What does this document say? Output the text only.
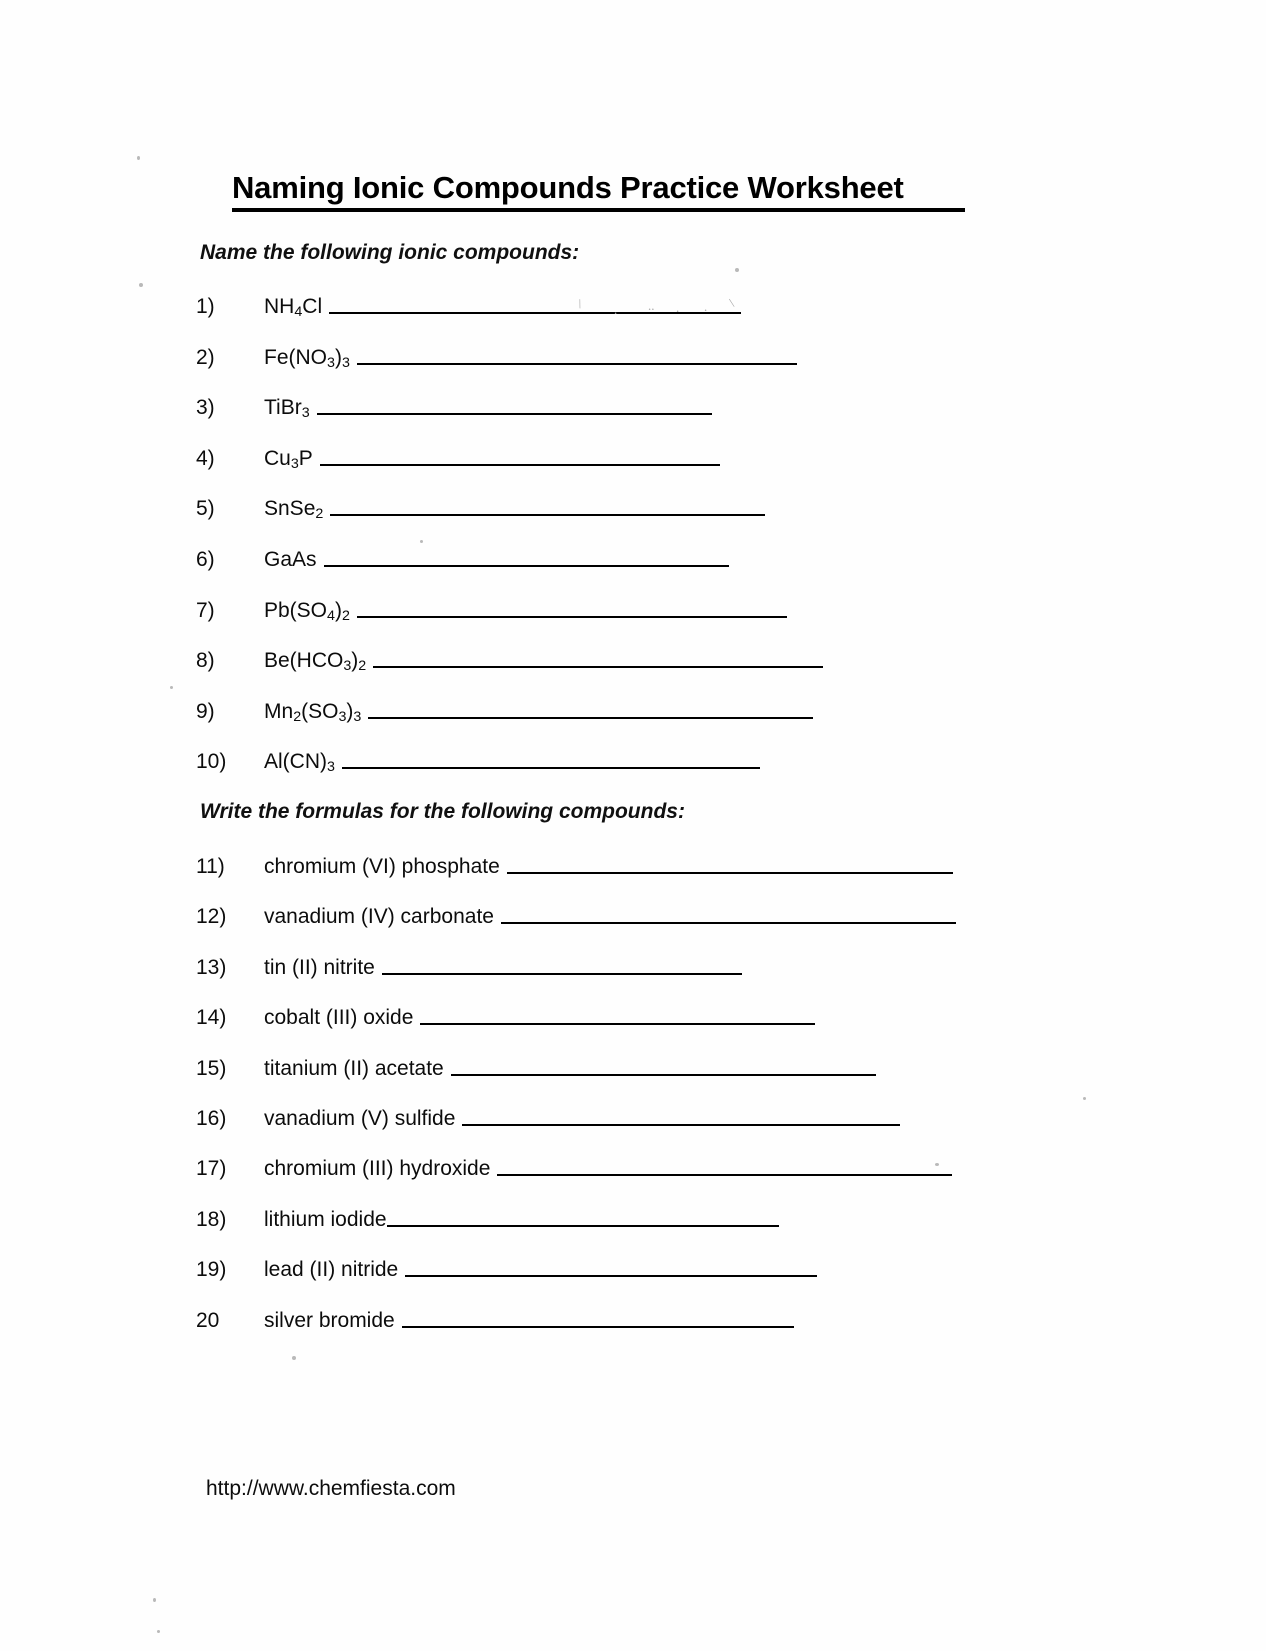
Naming Ionic Compounds Practice Worksheet
Name the following ionic compounds:
1)	$NH_4Cl$
2)	$Fe(NO_3)_3$
3)	TiBr$_3$
4)	$Cu_3P$
5)	SnSe$_2$
6)	GaAs
7)	$Pb(SO_4)_2$
8)	$Be(HCO_3)_2$
9)	$Mn_2(SO_3)_3$
10)	$Al(CN)_3$
Write the formulas for the following compounds:
11)	chromium (VI) phosphate
12)	vanadium (IV) carbonate
13)	tin (II) nitrite
14)	cobalt (III) oxide
15)	titanium (II) acetate
16)	vanadium (V) sulfide
17)	chromium (III) hydroxide
18)	lithium iodide
19)	lead (II) nitride
20	silver bromide
http://www.chemfiesta.com
\ . .. . . \
